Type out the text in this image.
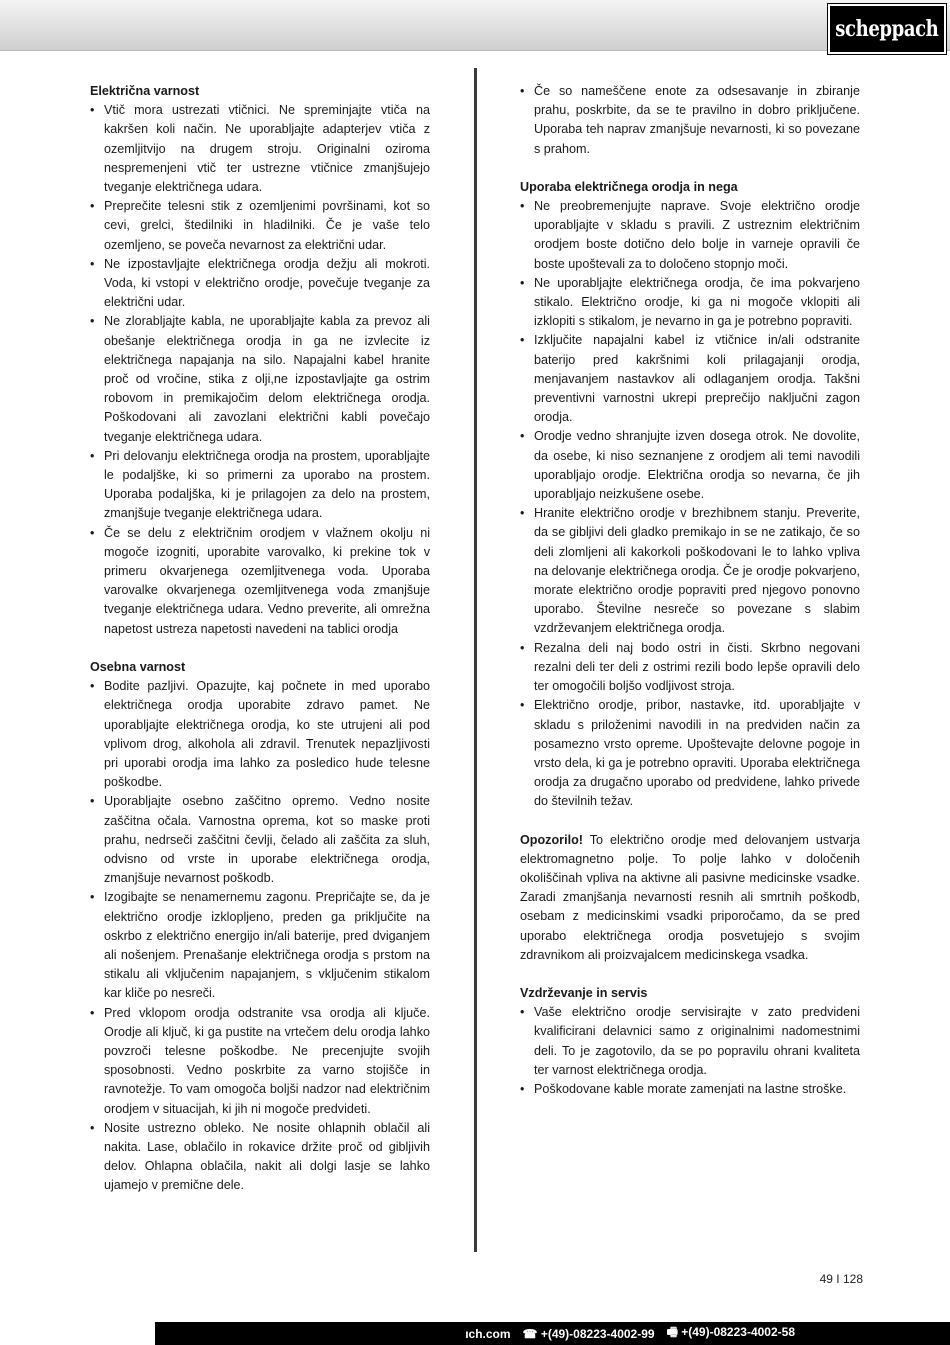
scheppach
Električna varnost
• Vtič mora ustrezati vtičnici. Ne spreminjajte vtiča na kakršen koli način. Ne uporabljajte adapterjev vtiča z ozemljitvijo na drugem stroju. Originalni oziroma nespremenjeni vtič ter ustrezne vtičnice zmanjšujejo tveganje električnega udara.
• Preprečite telesni stik z ozemljenimi površinami, kot so cevi, grelci, štedilniki in hladilniki. Če je vaše telo ozemljeno, se poveča nevarnost za električni udar.
• Ne izpostavljajte električnega orodja dežju ali mokroti. Voda, ki vstopi v električno orodje, povečuje tveganje za električni udar.
• Ne zlorabljajte kabla, ne uporabljajte kabla za prevoz ali obešanje električnega orodja in ga ne izvlecite iz električnega napajanja na silo. Napajalni kabel hranite proč od vročine, stika z olji,ne izpostavljajte ga ostrim robovom in premikajočim delom električnega orodja. Poškodovani ali zavozlani električni kabli povečajo tveganje električnega udara.
• Pri delovanju električnega orodja na prostem, uporabljajte le podaljške, ki so primerni za uporabo na prostem. Uporaba podaljška, ki je prilagojen za delo na prostem, zmanjšuje tveganje električnega udara.
• Če se delu z električnim orodjem v vlažnem okolju ni mogoče izogniti, uporabite varovalko, ki prekine tok v primeru okvarjenega ozemljitvenega voda. Uporaba varovalke okvarjenega ozemljitvenega voda zmanjšuje tveganje električnega udara. Vedno preverite, ali omrežna napetost ustreza napetosti navedeni na tablici orodja
Osebna varnost
• Bodite pazljivi. Opazujte, kaj počnete in med uporabo električnega orodja uporabite zdravo pamet. Ne uporabljajte električnega orodja, ko ste utrujeni ali pod vplivom drog, alkohola ali zdravil. Trenutek nepazljivosti pri uporabi orodja ima lahko za posledico hude telesne poškodbe.
• Uporabljajte osebno zaščitno opremo. Vedno nosite zaščitna očala. Varnostna oprema, kot so maske proti prahu, nedrseči zaščitni čevlji, čelado ali zaščita za sluh, odvisno od vrste in uporabe električnega orodja, zmanjšuje nevarnost poškodb.
• Izogibajte se nenamernemu zagonu. Prepričajte se, da je električno orodje izklopljeno, preden ga priključite na oskrbo z električno energijo in/ali baterije, pred dviganjem ali nošenjem. Prenašanje električnega orodja s prstom na stikalu ali vključenim napajanjem, s vključenim stikalom kar kliče po nesreči.
• Pred vklopom orodja odstranite vsa orodja ali ključe. Orodje ali ključ, ki ga pustite na vrtečem delu orodja lahko povzroči telesne poškodbe. Ne precenjujte svojih sposobnosti. Vedno poskrbite za varno stojišče in ravnotežje. To vam omogoča boljši nadzor nad električnim orodjem v situacijah, ki jih ni mogoče predvideti.
• Nosite ustrezno obleko. Ne nosite ohlapnih oblačil ali nakita. Lase, oblačilo in rokavice držite proč od gibljivih delov. Ohlapna oblačila, nakit ali dolgi lasje se lahko ujamejo v premične dele.
• Če so nameščene enote za odsesavanje in zbiranje prahu, poskrbite, da se te pravilno in dobro priključene. Uporaba teh naprav zmanjšuje nevarnosti, ki so povezane s prahom.
Uporaba električnega orodja in nega
• Ne preobremenjujte naprave. Svoje električno orodje uporabljajte v skladu s pravili. Z ustreznim električnim orodjem boste dotično delo bolje in varneje opravili če boste upoštevali za to določeno stopnjo moči.
• Ne uporabljajte električnega orodja, če ima pokvarjeno stikalo. Električno orodje, ki ga ni mogoče vklopiti ali izklopiti s stikalom, je nevarno in ga je potrebno popraviti.
• Izključite napajalni kabel iz vtičnice in/ali odstranite baterijo pred kakršnimi koli prilagajanji orodja, menjavanjem nastavkov ali odlaganjem orodja. Takšni preventivni varnostni ukrepi preprečijo naključni zagon orodja.
• Orodje vedno shranjujte izven dosega otrok. Ne dovolite, da osebe, ki niso seznanjene z orodjem ali temi navodili uporabljajo orodje. Električna orodja so nevarna, če jih uporabljajo neizkušene osebe.
• Hranite električno orodje v brezhibnem stanju. Preverite, da se gibljivi deli gladko premikajo in se ne zatikajo, če so deli zlomljeni ali kakorkoli poškodovani le to lahko vpliva na delovanje električnega orodja. Če je orodje pokvarjeno, morate električno orodje popraviti pred njegovo ponovno uporabo. Številne nesreče so povezane s slabim vzdrževanjem električnega orodja.
• Rezalna deli naj bodo ostri in čisti. Skrbno negovani rezalni deli ter deli z ostrimi rezili bodo lepše opravili delo ter omogočili boljšo vodljivost stroja.
• Električno orodje, pribor, nastavke, itd. uporabljajte v skladu s priloženimi navodili in na predviden način za posamezno vrsto opreme. Upoštevajte delovne pogoje in vrsto dela, ki ga je potrebno opraviti. Uporaba električnega orodja za drugačno uporabo od predvidene, lahko privede do številnih težav.

Opozorilo! To električno orodje med delovanjem ustvarja elektromagnetno polje. To polje lahko v določenih okoliščinah vpliva na aktivne ali pasivne medicinske vsadke. Zaradi zmanjšanja nevarnosti resnih ali smrtnih poškodb, osebam z medicinskimi vsadki priporočamo, da se pred uporabo električnega orodja posvetujejo s svojim zdravnikom ali proizvajalcem medicinskega vsadka.

Vzdrževanje in servis
• Vaše električno orodje servisirajte v zato predvideni kvalificirani delavnici samo z originalnimi nadomestnimi deli. To je zagotovilo, da se po popravilu ohrani kvaliteta ter varnost električnega orodja.
• Poškodovane kable morate zamenjati na lastne stroške.
49 I 128
ıch.com ☎ +(49)-08223-4002-99 🖷 +(49)-08223-4002-58
